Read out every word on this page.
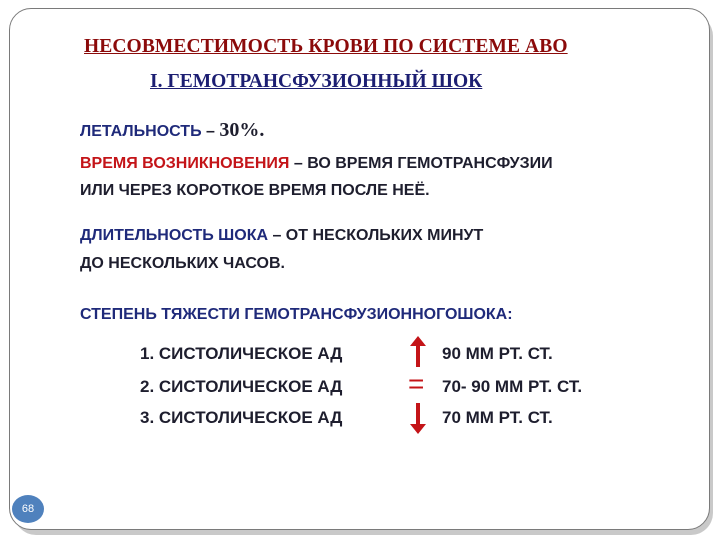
НЕСОВМЕСТИМОСТЬ КРОВИ ПО СИСТЕМЕ АВО
I. ГЕМОТРАНСФУЗИОННЫЙ ШОК
ЛЕТАЛЬНОСТЬ – 30%.
ВРЕМЯ ВОЗНИКНОВЕНИЯ – ВО ВРЕМЯ ГЕМОТРАНСФУЗИИ
ИЛИ ЧЕРЕЗ КОРОТКОЕ ВРЕМЯ ПОСЛЕ НЕЁ.
ДЛИТЕЛЬНОСТЬ ШОКА – ОТ НЕСКОЛЬКИХ МИНУТ
ДО НЕСКОЛЬКИХ ЧАСОВ.
СТЕПЕНЬ ТЯЖЕСТИ ГЕМОТРАНСФУЗИОННОГОШОКА:
1. СИСТОЛИЧЕСКОЕ АД
2. СИСТОЛИЧЕСКОЕ АД
3. СИСТОЛИЧЕСКОЕ АД
=
90 ММ РТ. СТ.
70- 90 ММ РТ. СТ.
70 ММ РТ. СТ.
68
